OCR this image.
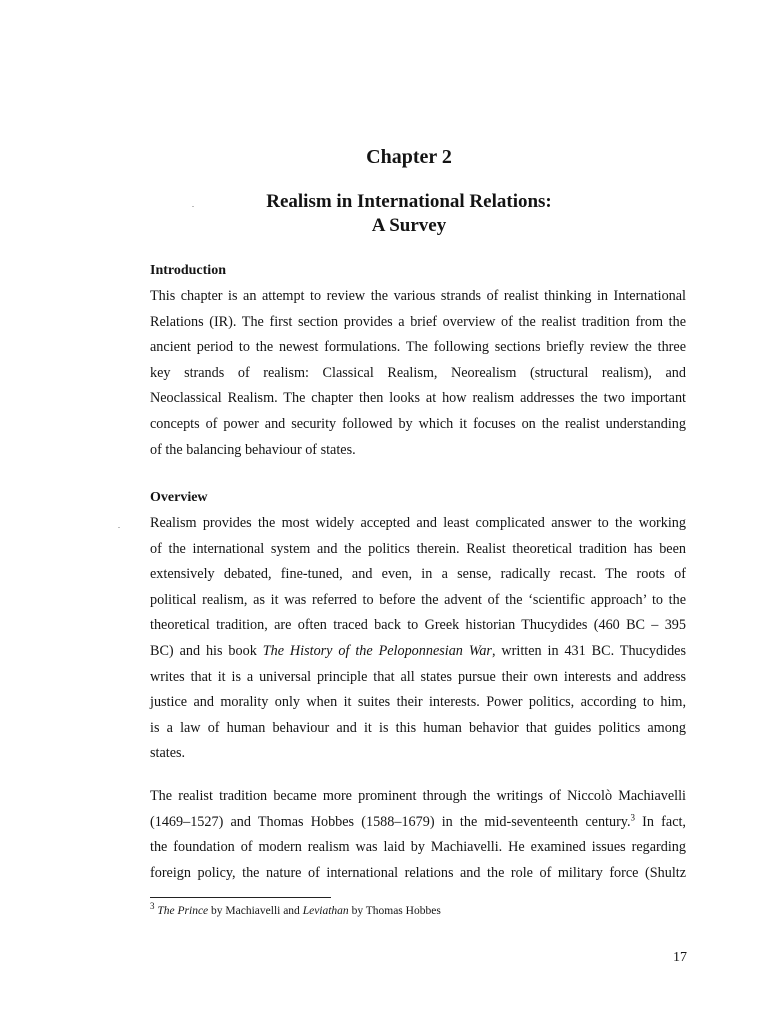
Chapter 2
Realism in International Relations:
A Survey
Introduction
This chapter is an attempt to review the various strands of realist thinking in International
Relations (IR). The first section provides a brief overview of the realist tradition from the
ancient period to the newest formulations. The following sections briefly review the three
key strands of realism: Classical Realism, Neorealism (structural realism), and
Neoclassical Realism. The chapter then looks at how realism addresses the two important
concepts of power and security followed by which it focuses on the realist understanding
of the balancing behaviour of states.
Overview
Realism provides the most widely accepted and least complicated answer to the working
of the international system and the politics therein. Realist theoretical tradition has been
extensively debated, fine-tuned, and even, in a sense, radically recast. The roots of
political realism, as it was referred to before the advent of the ‘scientific approach’ to the
theoretical tradition, are often traced back to Greek historian Thucydides (460 BC – 395
BC) and his book The History of the Peloponnesian War, written in 431 BC. Thucydides
writes that it is a universal principle that all states pursue their own interests and address
justice and morality only when it suites their interests. Power politics, according to him,
is a law of human behaviour and it is this human behavior that guides politics among
states.
The realist tradition became more prominent through the writings of Niccolò Machiavelli
(1469–1527) and Thomas Hobbes (1588–1679) in the mid-seventeenth century.$^3$ In fact,
the foundation of modern realism was laid by Machiavelli. He examined issues regarding
foreign policy, the nature of international relations and the role of military force (Shultz
$^3$ The Prince by Machiavelli and Leviathan by Thomas Hobbes
17
